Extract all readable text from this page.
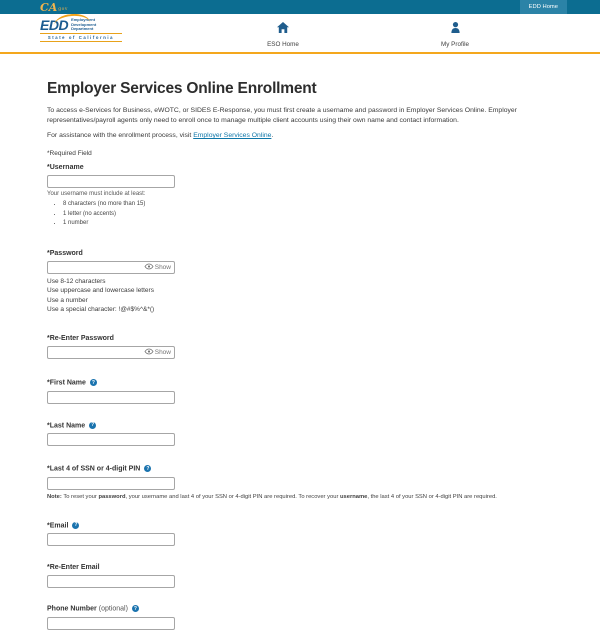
CA gov	EDD Home
EDD Employment
Development
Department
State of California
ESO Home	My Profile
Employer Services Online Enrollment

To access e-Services for Business, eWOTC, or SIDES E-Response, you must first create a username and password in Employer Services Online. Employer representatives/payroll agents only need to enroll once to manage multiple client accounts using their own name and contact information.

For assistance with the enrollment process, visit Employer Services Online.

*Required Field

*Username
Your username must include at least:
• 8 characters (no more than 15)
• 1 letter (no accents)
• 1 number
*Password
Show
Use 8-12 characters
Use uppercase and lowercase letters
Use a number
Use a special character: !@#$%^&*()
*Re-Enter Password
Show
*First Name ?
*Last Name ?
*Last 4 of SSN or 4-digit PIN ?
Note: To reset your password, your username and last 4 of your SSN or 4-digit PIN are required. To recover your username, the last 4 of your SSN or 4-digit PIN are required.
*Email ?
*Re-Enter Email
Phone Number (optional) ?
